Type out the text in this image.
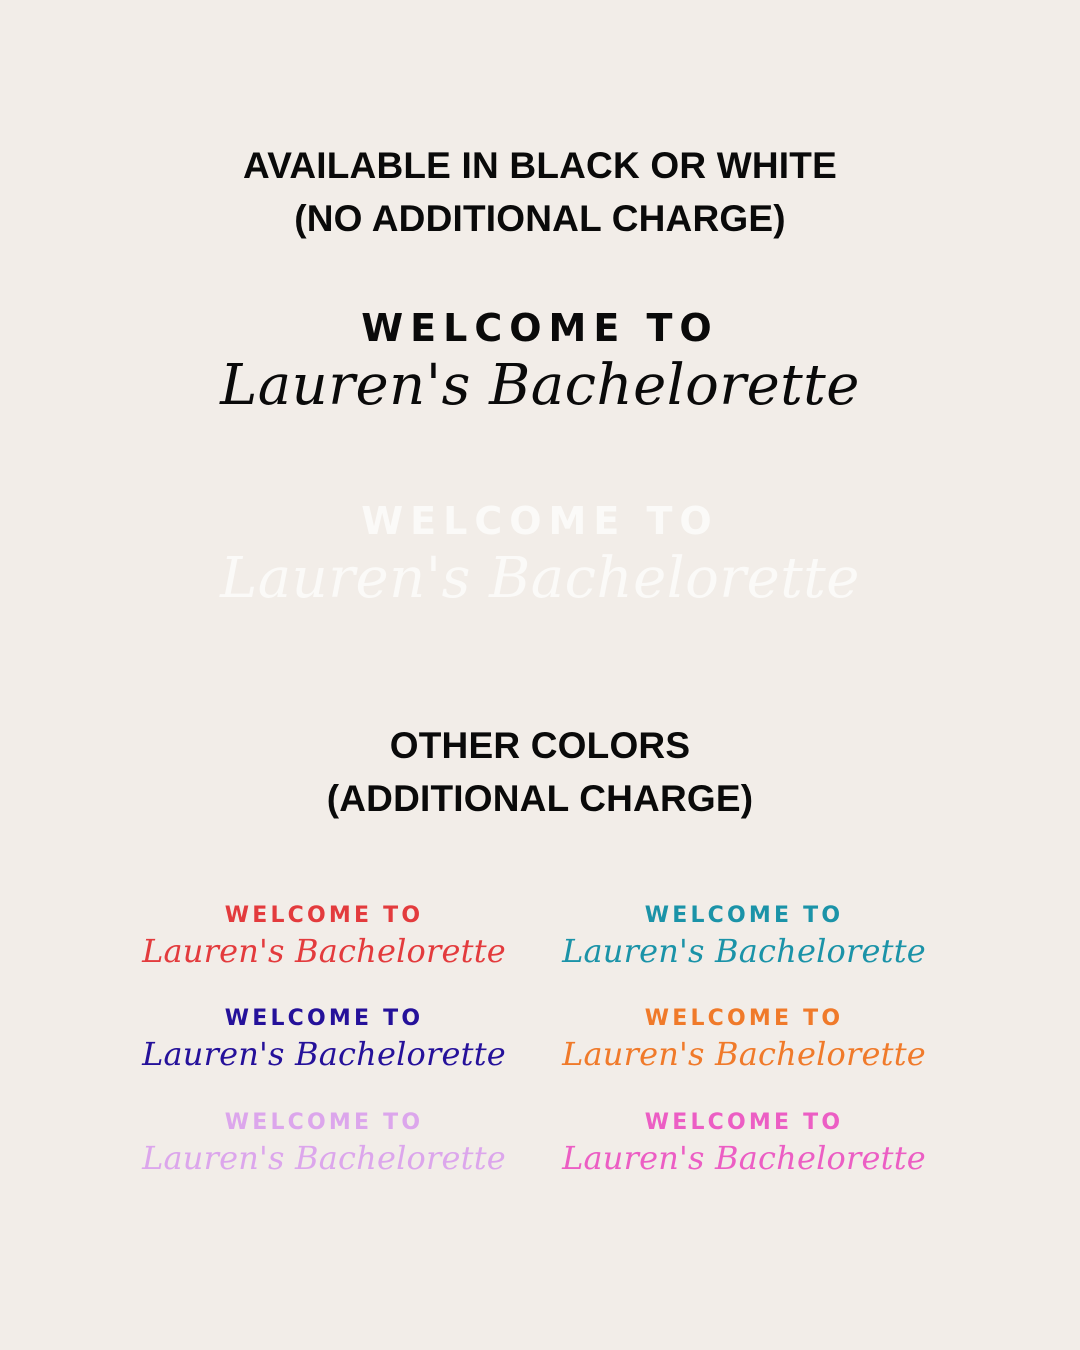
AVAILABLE IN BLACK OR WHITE
(NO ADDITIONAL CHARGE)
WELCOME TO
Lauren's Bachelorette
WELCOME TO
Lauren's Bachelorette
OTHER COLORS
(ADDITIONAL CHARGE)
WELCOME TO
Lauren's Bachelorette
WELCOME TO
Lauren's Bachelorette
WELCOME TO
Lauren's Bachelorette
WELCOME TO
Lauren's Bachelorette
WELCOME TO
Lauren's Bachelorette
WELCOME TO
Lauren's Bachelorette
